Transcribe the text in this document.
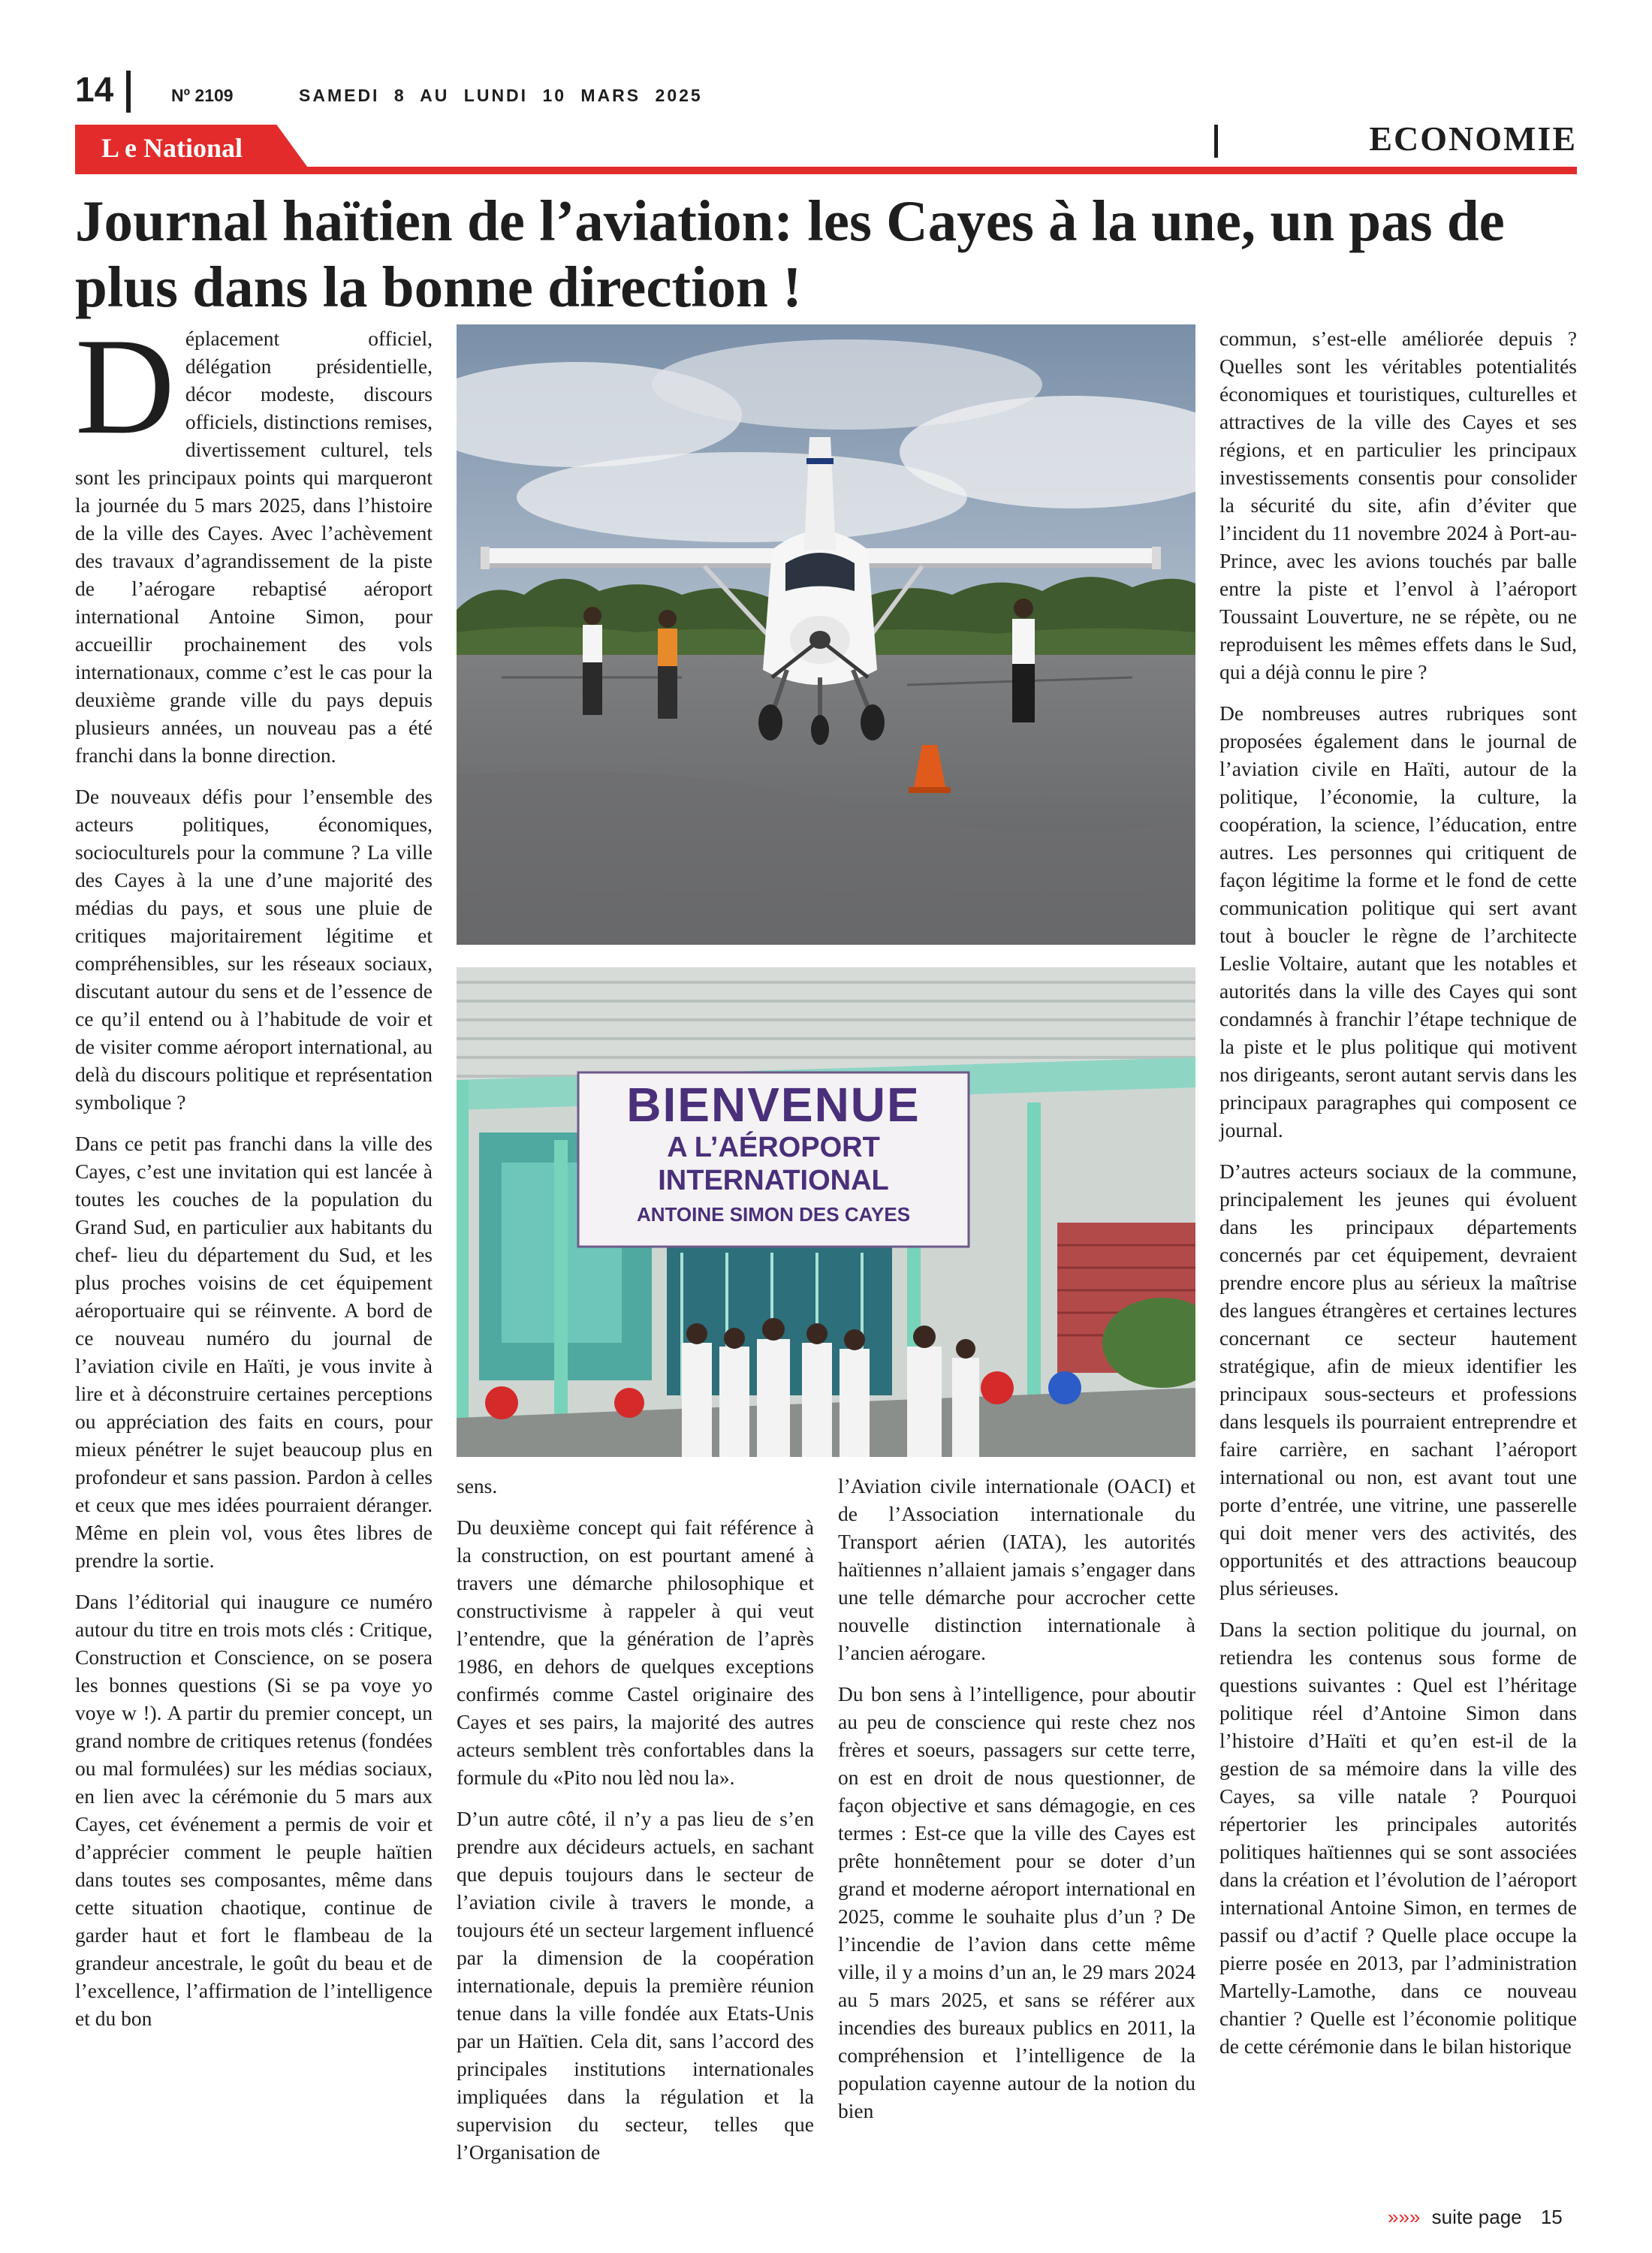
14	Nº 2109	SAMEDI 8 AU LUNDI 10 MARS 2025
L e National	ECONOMIE
Journal haïtien de l’aviation: les Cayes à la une, un pas de plus dans la bonne direction !

Déplacement officiel, délégation présidentielle, décor modeste, discours officiels, distinctions remises, divertissement culturel, tels sont les principaux points qui marqueront la journée du 5 mars 2025, dans l’histoire de la ville des Cayes. Avec l’achèvement des travaux d’agrandissement de la piste de l’aérogare rebaptisé aéroport international Antoine Simon, pour accueillir prochainement des vols internationaux, comme c’est le cas pour la deuxième grande ville du pays depuis plusieurs années, un nouveau pas a été franchi dans la bonne direction.

De nouveaux défis pour l’ensemble des acteurs politiques, économiques, socioculturels pour la commune ? La ville des Cayes à la une d’une majorité des médias du pays, et sous une pluie de critiques majoritairement légitime et compréhensibles, sur les réseaux sociaux, discutant autour du sens et de l’essence de ce qu’il entend ou à l’habitude de voir et de visiter comme aéroport international, au delà du discours politique et représentation symbolique ?

Dans ce petit pas franchi dans la ville des Cayes, c’est une invitation qui est lancée à toutes les couches de la population du Grand Sud, en particulier aux habitants du chef- lieu du département du Sud, et les plus proches voisins de cet équipement aéroportuaire qui se réinvente. A bord de ce nouveau numéro du journal de l’aviation civile en Haïti, je vous invite à lire et à déconstruire certaines perceptions ou appréciation des faits en cours, pour mieux pénétrer le sujet beaucoup plus en profondeur et sans passion. Pardon à celles et ceux que mes idées pourraient déranger. Même en plein vol, vous êtes libres de prendre la sortie.

Dans l’éditorial qui inaugure ce numéro autour du titre en trois mots clés : Critique, Construction et Conscience, on se posera les bonnes questions (Si se pa voye yo voye w !). A partir du premier concept, un grand nombre de critiques retenus (fondées ou mal formulées) sur les médias sociaux, en lien avec la cérémonie du 5 mars aux Cayes, cet événement a permis de voir et d’apprécier comment le peuple haïtien dans toutes ses composantes, même dans cette situation chaotique, continue de garder haut et fort le flambeau de la grandeur ancestrale, le goût du beau et de l’excellence, l’affirmation de l’intelligence et du bon

BIENVENUE
A L’AÉROPORT
INTERNATIONAL
ANTOINE SIMON DES CAYES

sens.

Du deuxième concept qui fait référence à la construction, on est pourtant amené à travers une démarche philosophique et constructivisme à rappeler à qui veut l’entendre, que la génération de l’après 1986, en dehors de quelques exceptions confirmés comme Castel originaire des Cayes et ses pairs, la majorité des autres acteurs semblent très confortables dans la formule du «Pito nou lèd nou la».

D’un autre côté, il n’y a pas lieu de s’en prendre aux décideurs actuels, en sachant que depuis toujours dans le secteur de l’aviation civile à travers le monde, a toujours été un secteur largement influencé par la dimension de la coopération internationale, depuis la première réunion tenue dans la ville fondée aux Etats-Unis par un Haïtien. Cela dit, sans l’accord des principales institutions internationales impliquées dans la régulation et la supervision du secteur, telles que l’Organisation de

l’Aviation civile internationale (OACI) et de l’Association internationale du Transport aérien (IATA), les autorités haïtiennes n’allaient jamais s’engager dans une telle démarche pour accrocher cette nouvelle distinction internationale à l’ancien aérogare.

Du bon sens à l’intelligence, pour aboutir au peu de conscience qui reste chez nos frères et soeurs, passagers sur cette terre, on est en droit de nous questionner, de façon objective et sans démagogie, en ces termes : Est-ce que la ville des Cayes est prête honnêtement pour se doter d’un grand et moderne aéroport international en 2025, comme le souhaite plus d’un ? De l’incendie de l’avion dans cette même ville, il y a moins d’un an, le 29 mars 2024 au 5 mars 2025, et sans se référer aux incendies des bureaux publics en 2011, la compréhension et l’intelligence de la population cayenne autour de la notion du bien

commun, s’est-elle améliorée depuis ? Quelles sont les véritables potentialités économiques et touristiques, culturelles et attractives de la ville des Cayes et ses régions, et en particulier les principaux investissements consentis pour consolider la sécurité du site, afin d’éviter que l’incident du 11 novembre 2024 à Port-au-Prince, avec les avions touchés par balle entre la piste et l’envol à l’aéroport Toussaint Louverture, ne se répète, ou ne reproduisent les mêmes effets dans le Sud, qui a déjà connu le pire ?

De nombreuses autres rubriques sont proposées également dans le journal de l’aviation civile en Haïti, autour de la politique, l’économie, la culture, la coopération, la science, l’éducation, entre autres. Les personnes qui critiquent de façon légitime la forme et le fond de cette communication politique qui sert avant tout à boucler le règne de l’architecte Leslie Voltaire, autant que les notables et autorités dans la ville des Cayes qui sont condamnés à franchir l’étape technique de la piste et le plus politique qui motivent nos dirigeants, seront autant servis dans les principaux paragraphes qui composent ce journal.

D’autres acteurs sociaux de la commune, principalement les jeunes qui évoluent dans les principaux départements concernés par cet équipement, devraient prendre encore plus au sérieux la maîtrise des langues étrangères et certaines lectures concernant ce secteur hautement stratégique, afin de mieux identifier les principaux sous-secteurs et professions dans lesquels ils pourraient entreprendre et faire carrière, en sachant l’aéroport international ou non, est avant tout une porte d’entrée, une vitrine, une passerelle qui doit mener vers des activités, des opportunités et des attractions beaucoup plus sérieuses.

Dans la section politique du journal, on retiendra les contenus sous forme de questions suivantes : Quel est l’héritage politique réel d’Antoine Simon dans l’histoire d’Haïti et qu’en est-il de la gestion de sa mémoire dans la ville des Cayes, sa ville natale ? Pourquoi répertorier les principales autorités politiques haïtiennes qui se sont associées dans la création et l’évolution de l’aéroport international Antoine Simon, en termes de passif ou d’actif ? Quelle place occupe la pierre posée en 2013, par l’administration Martelly-Lamothe, dans ce nouveau chantier ? Quelle est l’économie politique de cette cérémonie dans le bilan historique

»»» suite page 15
